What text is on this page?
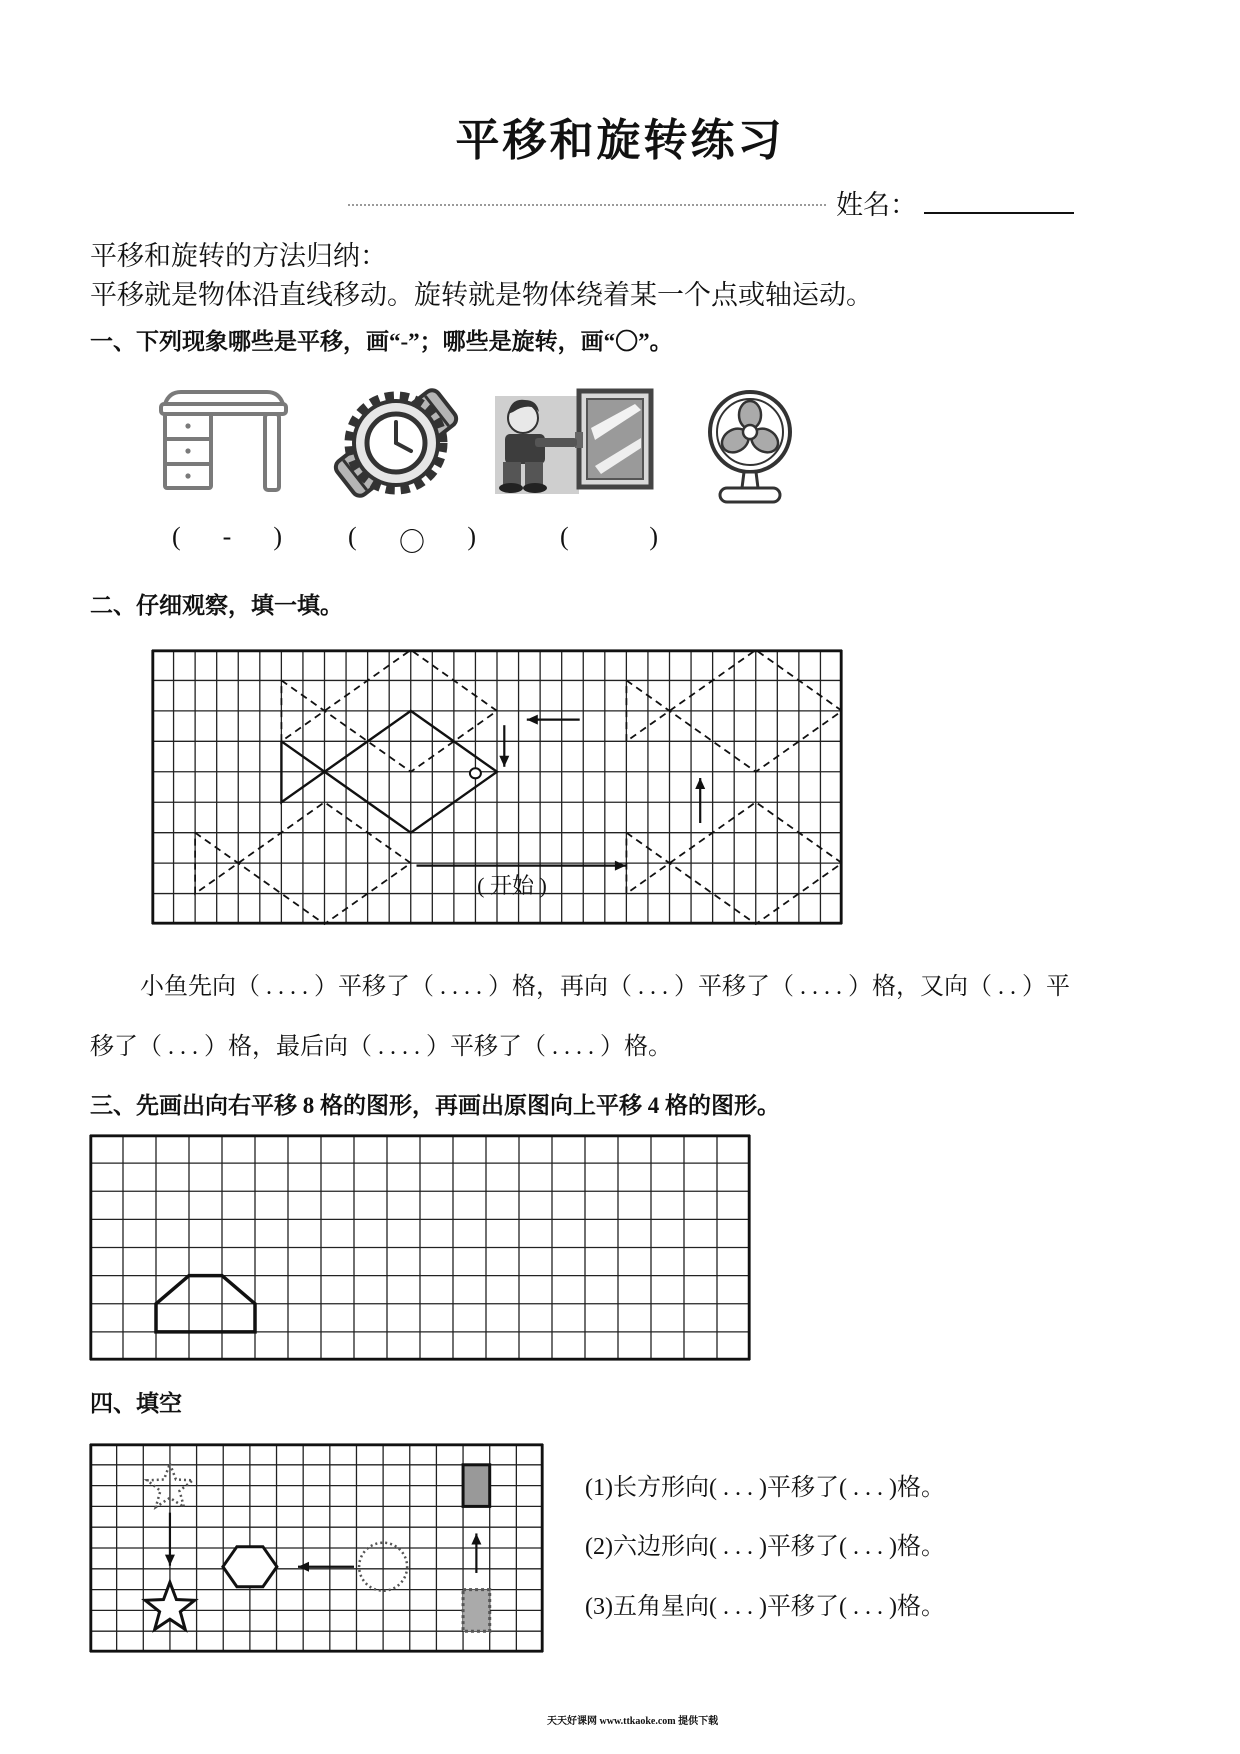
平移和旋转练习
姓名：
平移和旋转的方法归纳：
平移就是物体沿直线移动。旋转就是物体绕着某一个点或轴运动。
一、下列现象哪些是平移，画“-”；哪些是旋转，画“〇”。
( - )	( 〇 )	(	)
二、仔细观察，填一填。
( 开始 )
小鱼先向（ . . . . ）平移了（ . . . . ）格，再向（ . . . ）平移了（ . . . . ）格，又向（ . . ）平
移了（ . . . ）格，最后向（ . . . . ）平移了（ . . . . ）格。
三、先画出向右平移 8 格的图形，再画出原图向上平移 4 格的图形。
四、填空
(1)长方形向( . . . )平移了( . . . )格。
(2)六边形向( . . . )平移了( . . . )格。
(3)五角星向( . . . )平移了( . . . )格。
天天好课网 www.ttkaoke.com 提供下载
